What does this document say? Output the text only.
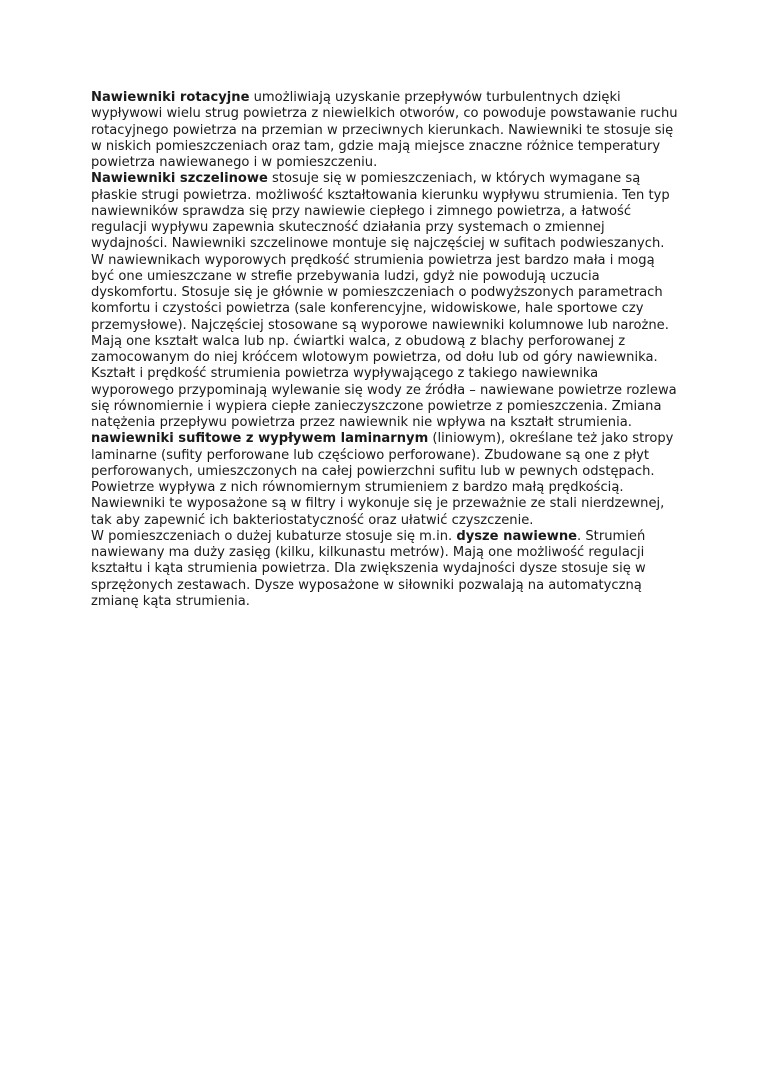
Nawiewniki rotacyjne umożliwiają uzyskanie przepływów turbulentnych dzięki wypływowi wielu strug powietrza z niewielkich otworów, co powoduje powstawanie ruchu rotacyjnego powietrza na przemian w przeciwnych kierunkach. Nawiewniki te stosuje się w niskich pomieszczeniach oraz tam, gdzie mają miejsce znaczne różnice temperatury powietrza nawiewanego i w pomieszczeniu.

Nawiewniki szczelinowe stosuje się w pomieszczeniach, w których wymagane są płaskie strugi powietrza. możliwość kształtowania kierunku wypływu strumienia. Ten typ nawiewników sprawdza się przy nawiewie ciepłego i zimnego powietrza, a łatwość regulacji wypływu zapewnia skuteczność działania przy systemach o zmiennej wydajności. Nawiewniki szczelinowe montuje się najczęściej w sufitach podwieszanych.

W nawiewnikach wyporowych prędkość strumienia powietrza jest bardzo mała i mogą być one umieszczane w strefie przebywania ludzi, gdyż nie powodują uczucia dyskomfortu. Stosuje się je głównie w pomieszczeniach o podwyższonych parametrach komfortu i czystości powietrza (sale konferencyjne, widowiskowe, hale sportowe czy przemysłowe). Najczęściej stosowane są wyporowe nawiewniki kolumnowe lub narożne. Mają one kształt walca lub np. ćwiartki walca, z obudową z blachy perforowanej z zamocowanym do niej króćcem wlotowym powietrza, od dołu lub od góry nawiewnika. Kształt i prędkość strumienia powietrza wypływającego z takiego nawiewnika wyporowego przypominają wylewanie się wody ze źródła – nawiewane powietrze rozlewa się równomiernie i wypiera ciepłe zanieczyszczone powietrze z pomieszczenia. Zmiana natężenia przepływu powietrza przez nawiewnik nie wpływa na kształt strumienia.

nawiewniki sufitowe z wypływem laminarnym (liniowym), określane też jako stropy laminarne (sufity perforowane lub częściowo perforowane). Zbudowane są one z płyt perforowanych, umieszczonych na całej powierzchni sufitu lub w pewnych odstępach. Powietrze wypływa z nich równomiernym strumieniem z bardzo małą prędkością. Nawiewniki te wyposażone są w filtry i wykonuje się je przeważnie ze stali nierdzewnej, tak aby zapewnić ich bakteriostatyczność oraz ułatwić czyszczenie.

W pomieszczeniach o dużej kubaturze stosuje się m.in. dysze nawiewne. Strumień nawiewany ma duży zasięg (kilku, kilkunastu metrów). Mają one możliwość regulacji kształtu i kąta strumienia powietrza. Dla zwiększenia wydajności dysze stosuje się w sprzężonych zestawach. Dysze wyposażone w siłowniki pozwalają na automatyczną zmianę kąta strumienia.
